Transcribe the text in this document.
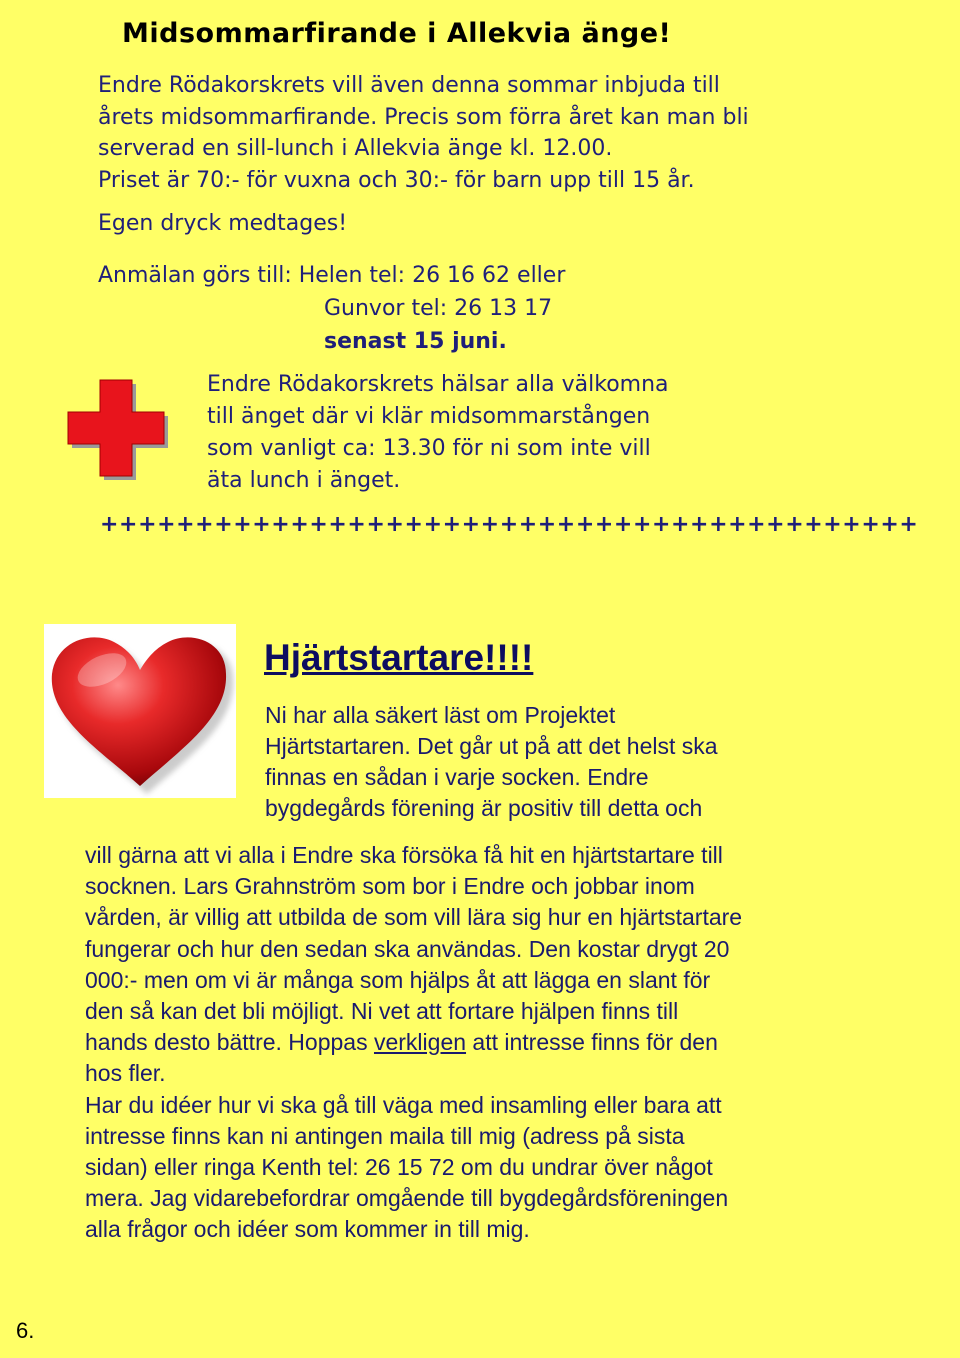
Midsommarfirande i Allekvia änge!
Endre Rödakorskrets vill även denna sommar inbjuda till
årets midsommarfirande. Precis som förra året kan man bli
serverad en sill-lunch i Allekvia änge kl. 12.00.
Priset är 70:- för vuxna och 30:- för barn upp till 15 år.
Egen dryck medtages!
Anmälan görs till: Helen tel: 26 16 62 eller
Gunvor tel: 26 13 17
senast 15 juni.
Endre Rödakorskrets hälsar alla välkomna
till änget där vi klär midsommarstången
som vanligt ca: 13.30 för ni som inte vill
äta lunch i änget.
+++++++++++++++++++++++++++++++++++++++++++
Hjärtstartare!!!!
Ni har alla säkert läst om Projektet
Hjärtstartaren. Det går ut på att det helst ska
finnas en sådan i varje socken. Endre
bygdegårds förening är positiv till detta och
vill gärna att vi alla i Endre ska försöka få hit en hjärtstartare till
socknen. Lars Grahnström som bor i Endre och jobbar inom
vården, är villig att utbilda de som vill lära sig hur en hjärtstartare
fungerar och hur den sedan ska användas. Den kostar drygt 20
000:- men om vi är många som hjälps åt att lägga en slant för
den så kan det bli möjligt. Ni vet att fortare hjälpen finns till
hands desto bättre. Hoppas verkligen att intresse finns för den
hos fler.
Har du idéer hur vi ska gå till väga med insamling eller bara att
intresse finns kan ni antingen maila till mig (adress på sista
sidan) eller ringa Kenth tel: 26 15 72 om du undrar över något
mera. Jag vidarebefordrar omgående till bygdegårdsföreningen
alla frågor och idéer som kommer in till mig.
6.
